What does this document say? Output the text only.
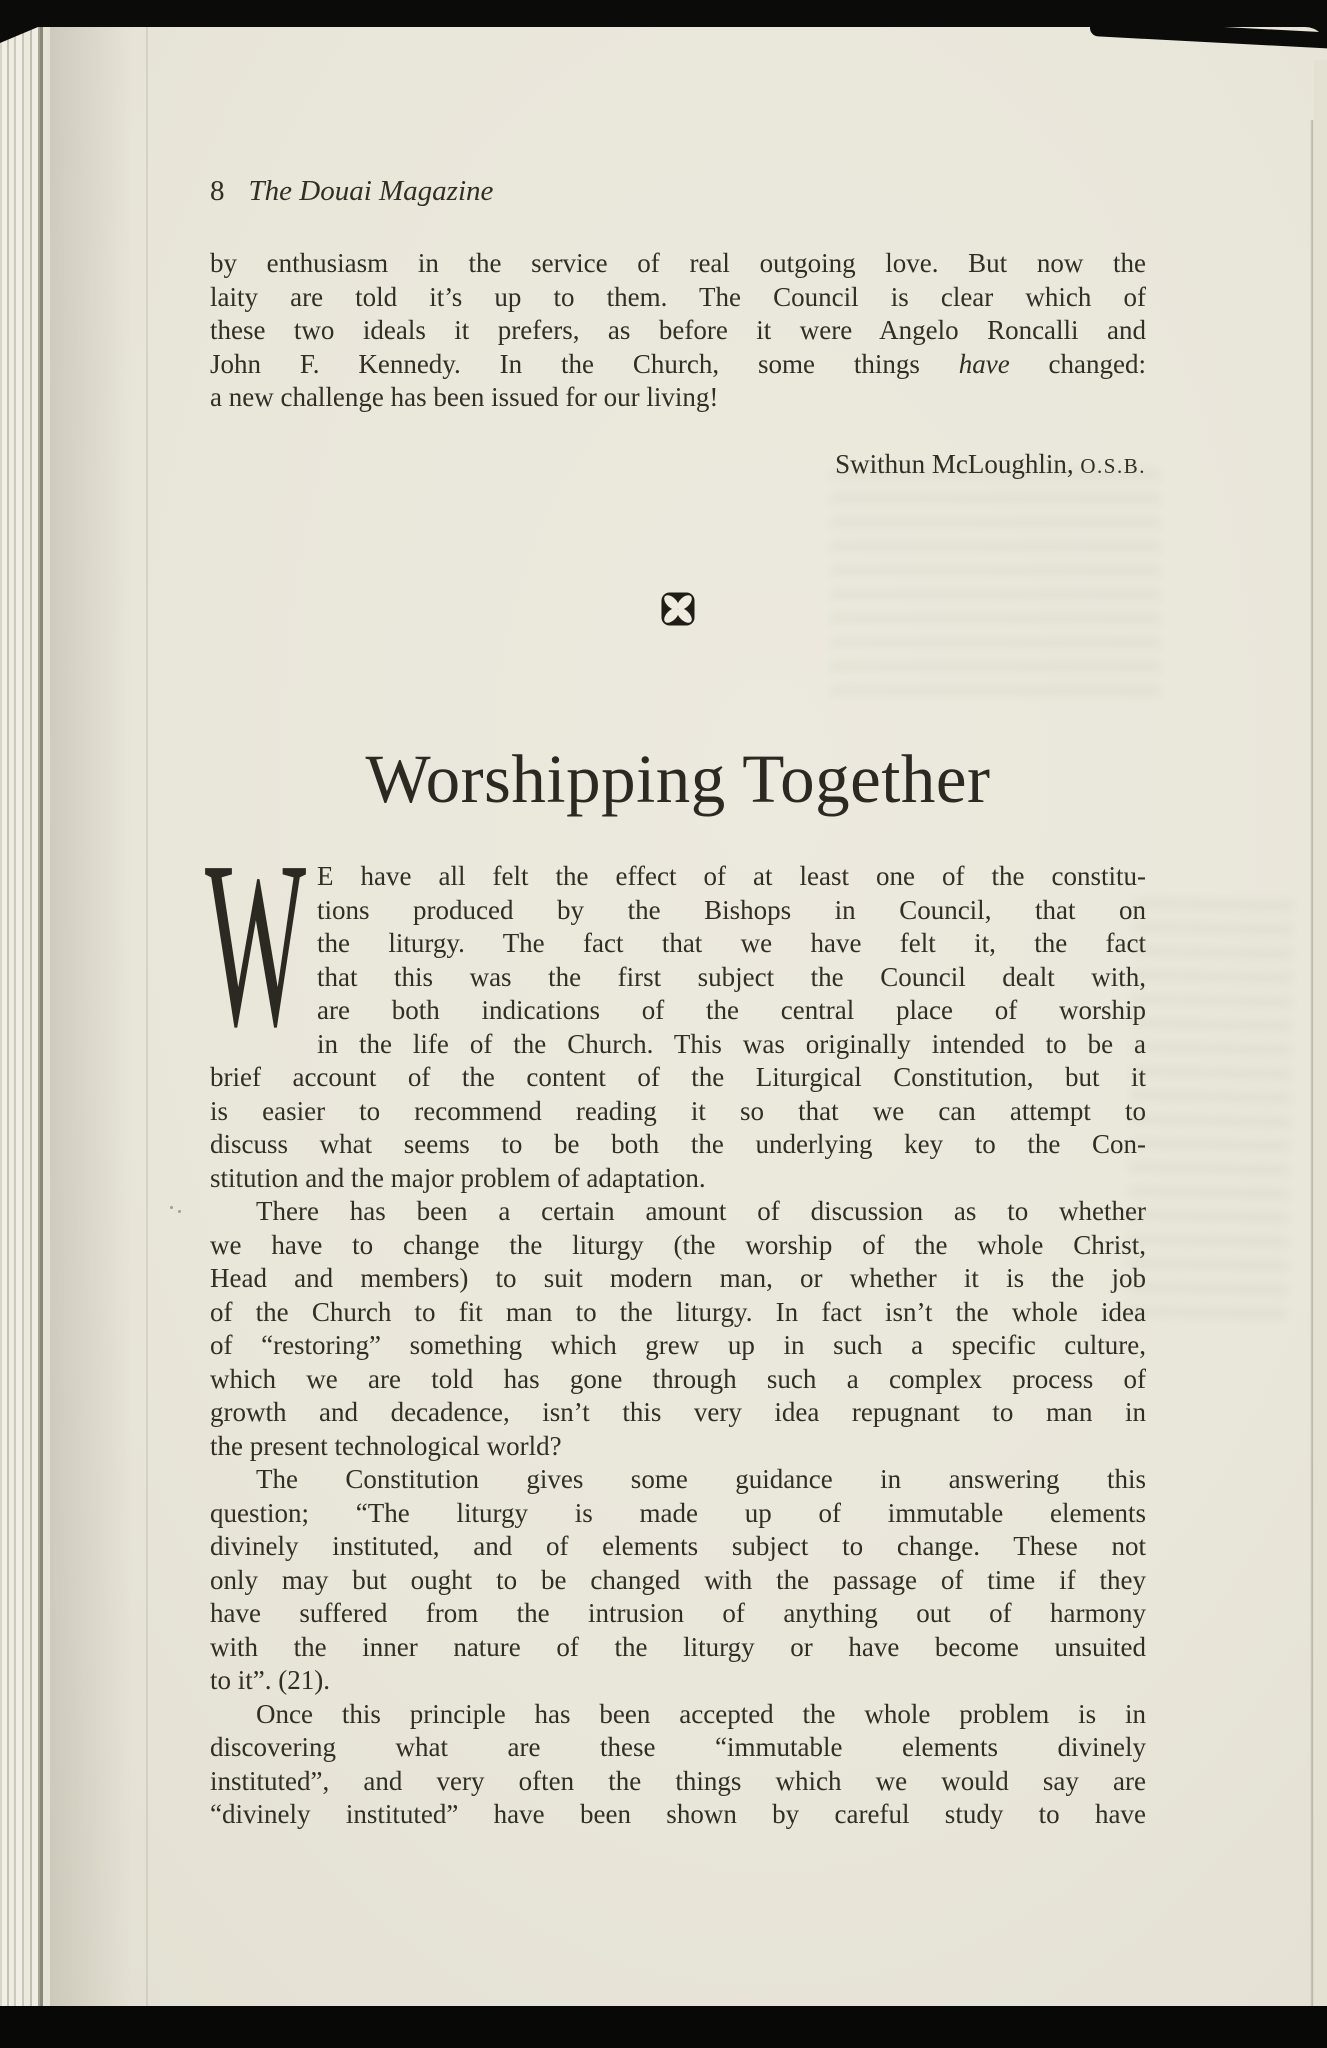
8 The Douai Magazine
by enthusiasm in the service of real outgoing love. But now the
laity are told it’s up to them. The Council is clear which of
these two ideals it prefers, as before it were Angelo Roncalli and
John F. Kennedy. In the Church, some things have changed:
a new challenge has been issued for our living!
Swithun McLoughlin, O.S.B.
Worshipping Together
W E have all felt the effect of at least one of the constitu-
tions produced by the Bishops in Council, that on
the liturgy. The fact that we have felt it, the fact
that this was the first subject the Council dealt with,
are both indications of the central place of worship
in the life of the Church. This was originally intended to be a
brief account of the content of the Liturgical Constitution, but it
is easier to recommend reading it so that we can attempt to
discuss what seems to be both the underlying key to the Con-
stitution and the major problem of adaptation.
There has been a certain amount of discussion as to whether
we have to change the liturgy (the worship of the whole Christ,
Head and members) to suit modern man, or whether it is the job
of the Church to fit man to the liturgy. In fact isn’t the whole idea
of “restoring” something which grew up in such a specific culture,
which we are told has gone through such a complex process of
growth and decadence, isn’t this very idea repugnant to man in
the present technological world?
The Constitution gives some guidance in answering this
question; “The liturgy is made up of immutable elements
divinely instituted, and of elements subject to change. These not
only may but ought to be changed with the passage of time if they
have suffered from the intrusion of anything out of harmony
with the inner nature of the liturgy or have become unsuited
to it”. (21).
Once this principle has been accepted the whole problem is in
discovering what are these “immutable elements divinely
instituted”, and very often the things which we would say are
“divinely instituted” have been shown by careful study to have
